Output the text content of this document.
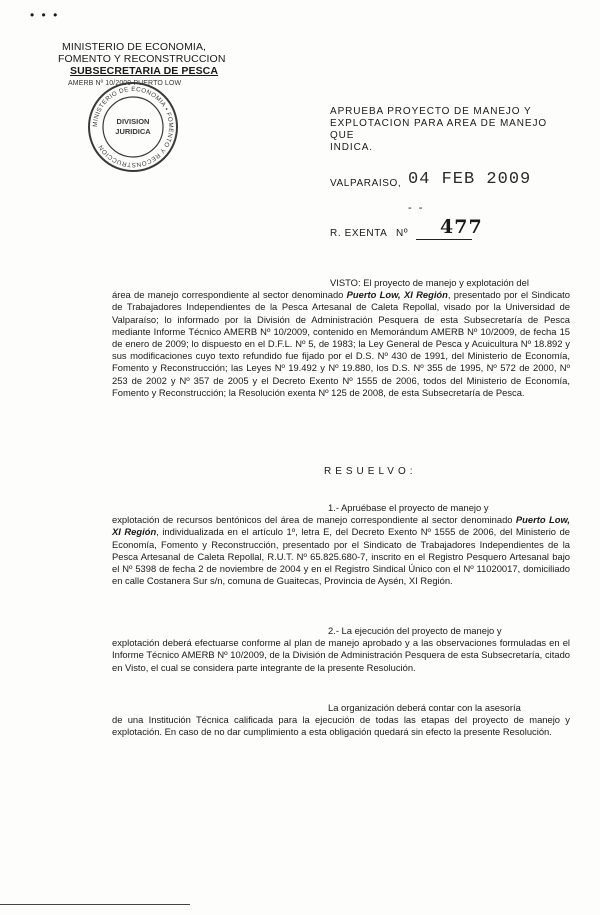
• • •
MINISTERIO DE ECONOMIA,
FOMENTO Y RECONSTRUCCION
SUBSECRETARIA DE PESCA
AMERB Nº 10/2009 PUERTO LOW
MINISTERIO DE ECONOMIA • FOMENTO Y RECONSTRUCCION
DIVISION
JURIDICA
APRUEBA PROYECTO DE MANEJO Y
EXPLOTACION PARA AREA DE MANEJO QUE
INDICA.
VALPARAISO, 04 FEB 2009
- -
R. EXENTA Nº 477
VISTO: El proyecto de manejo y explotación del
área de manejo correspondiente al sector denominado Puerto Low, XI Región, presentado por el Sindicato de Trabajadores Independientes de la Pesca Artesanal de Caleta Repollal, visado por la Universidad de Valparaíso; lo informado por la División de Administración Pesquera de esta Subsecretaría de Pesca mediante Informe Técnico AMERB Nº 10/2009, contenido en Memorándum AMERB Nº 10/2009, de fecha 15 de enero de 2009; lo dispuesto en el D.F.L. Nº 5, de 1983; la Ley General de Pesca y Acuicultura Nº 18.892 y sus modificaciones cuyo texto refundido fue fijado por el D.S. Nº 430 de 1991, del Ministerio de Economía, Fomento y Reconstrucción; las Leyes Nº 19.492 y Nº 19.880, los D.S. Nº 355 de 1995, Nº 572 de 2000, Nº 253 de 2002 y Nº 357 de 2005 y el Decreto Exento Nº 1555 de 2006, todos del Ministerio de Economía, Fomento y Reconstrucción; la Resolución exenta Nº 125 de 2008, de esta Subsecretaría de Pesca.
RESUELVO:
1.- Apruébase el proyecto de manejo y
explotación de recursos bentónicos del área de manejo correspondiente al sector denominado Puerto Low, XI Región, individualizada en el artículo 1º, letra E, del Decreto Exento Nº 1555 de 2006, del Ministerio de Economía, Fomento y Reconstrucción, presentado por el Sindicato de Trabajadores Independientes de la Pesca Artesanal de Caleta Repollal, R.U.T. Nº 65.825.680-7, inscrito en el Registro Pesquero Artesanal bajo el Nº 5398 de fecha 2 de noviembre de 2004 y en el Registro Sindical Único con el Nº 11020017, domiciliado en calle Costanera Sur s/n, comuna de Guaitecas, Provincia de Aysén, XI Región.
2.- La ejecución del proyecto de manejo y
explotación deberá efectuarse conforme al plan de manejo aprobado y a las observaciones formuladas en el Informe Técnico AMERB Nº 10/2009, de la División de Administración Pesquera de esta Subsecretaría, citado en Visto, el cual se considera parte integrante de la presente Resolución.
La organización deberá contar con la asesoría
de una Institución Técnica calificada para la ejecución de todas las etapas del proyecto de manejo y explotación. En caso de no dar cumplimiento a esta obligación quedará sin efecto la presente Resolución.
